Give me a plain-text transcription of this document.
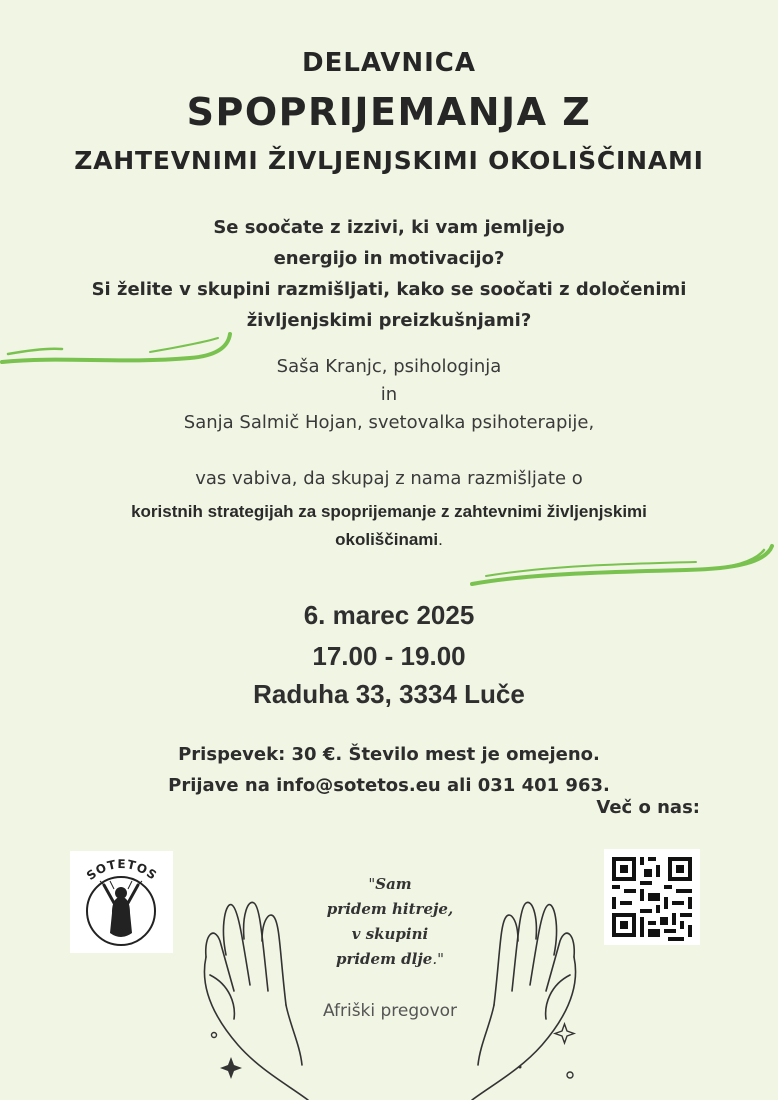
DELAVNICA
SPOPRIJEMANJA Z
ZAHTEVNIMI ŽIVLJENJSKIMI OKOLIŠČINAMI
Se soočate z izzivi, ki vam jemljejo
energijo in motivacijo?
Si želite v skupini razmišljati, kako se soočati z določenimi
življenjskimi preizkušnjami?
Saša Kranjc, psihologinja
in
Sanja Salmič Hojan, svetovalka psihoterapije,
vas vabiva, da skupaj z nama razmišljate o
koristnih strategijah za spoprijemanje z zahtevnimi življenjskimi
okoliščinami.
6. marec 2025
17.00 - 19.00
Raduha 33, 3334 Luče
Prispevek: 30 €. Število mest je omejeno.
Prijave na info@sotetos.eu ali 031 401 963.
Več o nas:
SOTETOS
"Sam
pridem hitreje,
v skupini
pridem dlje."
Afriški pregovor
